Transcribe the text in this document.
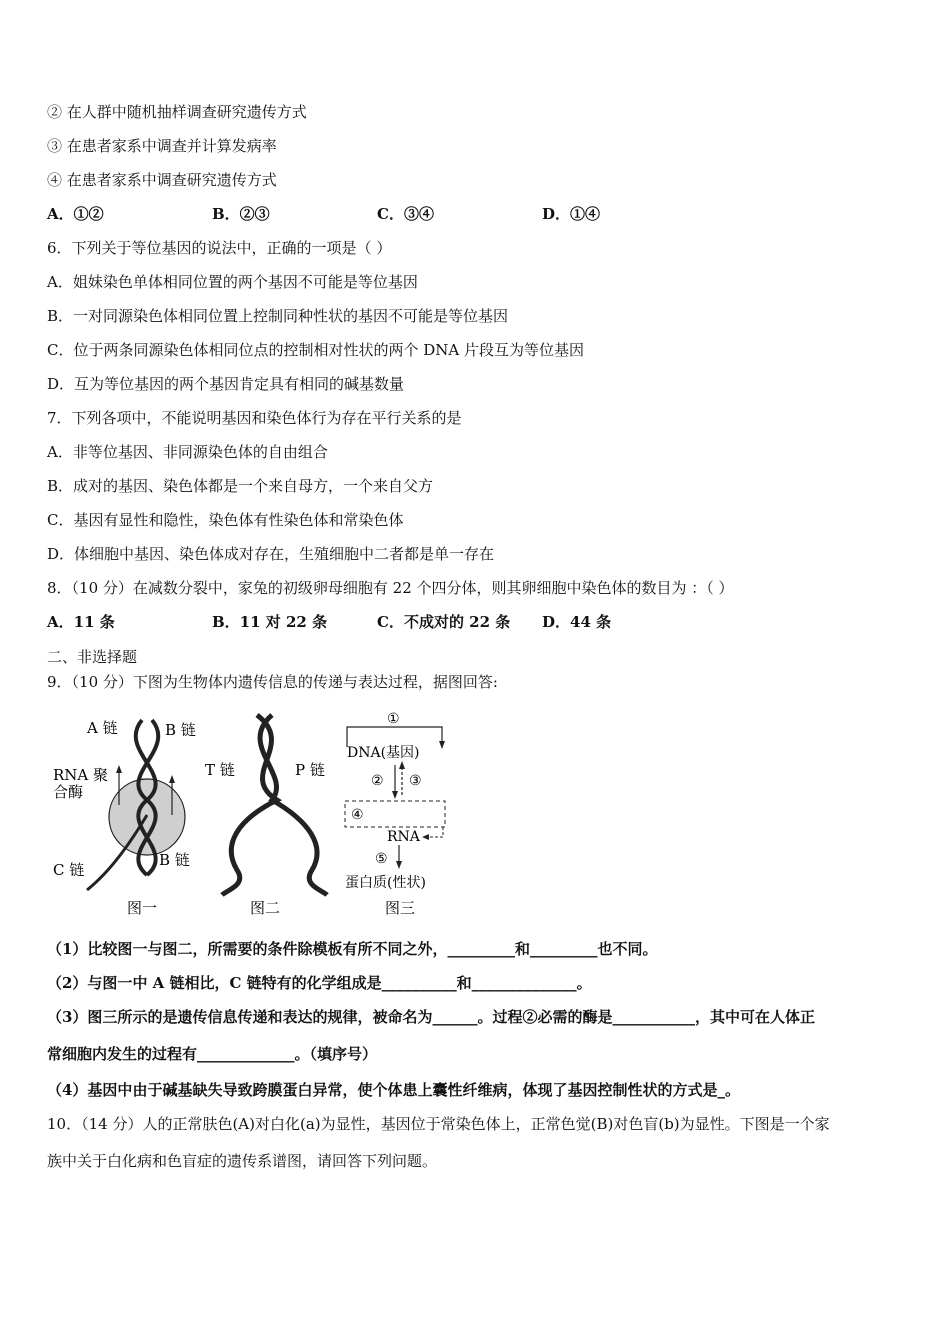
② 在人群中随机抽样调查研究遗传方式
③ 在患者家系中调查并计算发病率
④ 在患者家系中调查研究遗传方式
A．①②	B．②③	C．③④	D．①④
6．下列关于等位基因的说法中，正确的一项是（ ）
A．姐妹染色单体相同位置的两个基因不可能是等位基因
B．一对同源染色体相同位置上控制同种性状的基因不可能是等位基因
C．位于两条同源染色体相同位点的控制相对性状的两个 DNA 片段互为等位基因
D．互为等位基因的两个基因肯定具有相同的碱基数量
7．下列各项中，不能说明基因和染色体行为存在平行关系的是
A．非等位基因、非同源染色体的自由组合
B．成对的基因、染色体都是一个来自母方，一个来自父方
C．基因有显性和隐性，染色体有性染色体和常染色体
D．体细胞中基因、染色体成对存在，生殖细胞中二者都是单一存在
8．（10 分）在减数分裂中，家兔的初级卵母细胞有 22 个四分体，则其卵细胞中染色体的数目为 ：（ ）
A．11 条	B．11 对 22 条	C．不成对的 22 条 D．44 条
二、非选择题
9．（10 分）下图为生物体内遗传信息的传递与表达过程，据图回答:
A 链	B 链
RNA 聚
合酶
C 链
B 链
图一
T 链	P 链
图二
①
DNA(基因)
② ③
④
RNA
⑤
蛋白质(性状)
图三
（1）比较图一与图二，所需要的条件除模板有所不同之外，_________和_________也不同。
（2）与图一中 A 链相比，C 链特有的化学组成是__________和______________。
（3）图三所示的是遗传信息传递和表达的规律，被命名为______。过程②必需的酶是___________，其中可在人体正
常细胞内发生的过程有_____________。（填序号）
（4）基因中由于碱基缺失导致跨膜蛋白异常，使个体患上囊性纤维病，体现了基因控制性状的方式是_。
10．（14 分）人的正常肤色(A)对白化(a)为显性，基因位于常染色体上，正常色觉(B)对色盲(b)为显性。下图是一个家
族中关于白化病和色盲症的遗传系谱图，请回答下列问题。
